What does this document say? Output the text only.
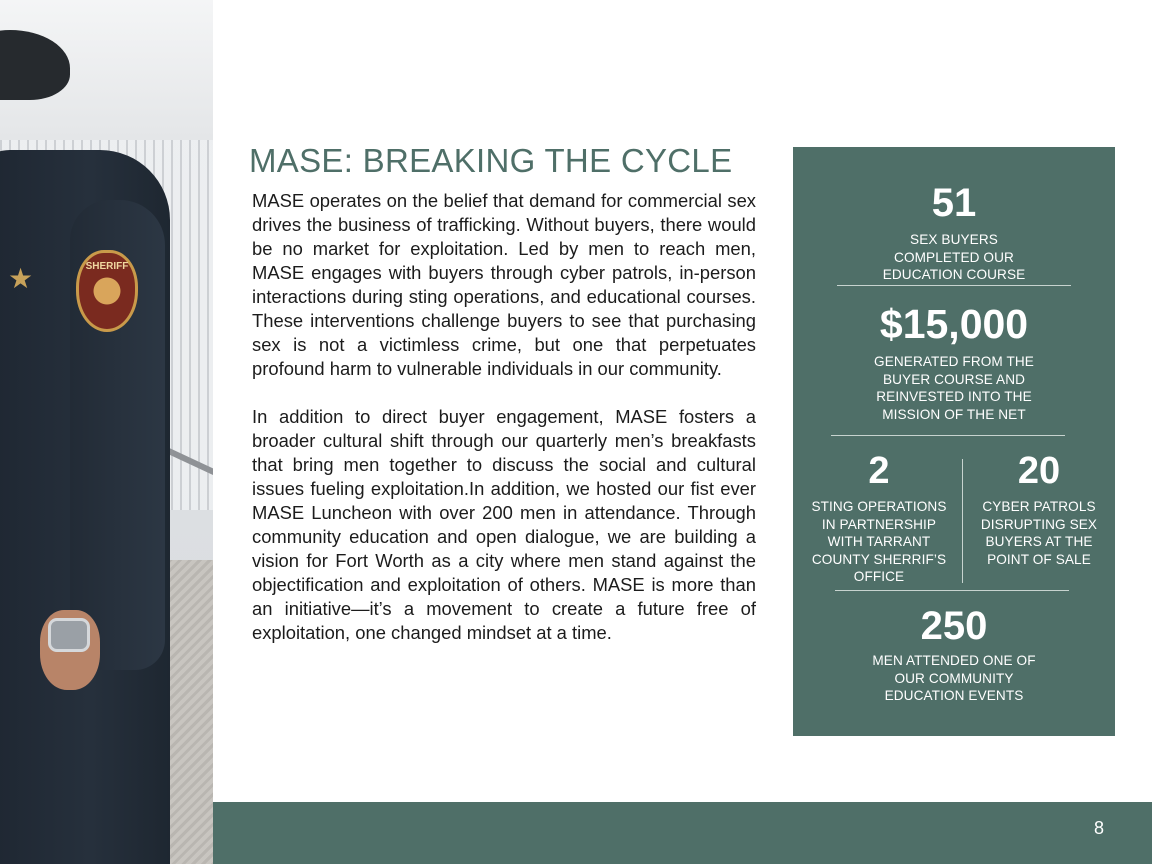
★	SHERIFF
MASE: BREAKING THE CYCLE

MASE operates on the belief that demand for commercial sex drives the business of trafficking. Without buyers, there would be no market for exploitation. Led by men to reach men, MASE engages with buyers through cyber patrols, in-person interactions during sting operations, and educational courses. These interventions challenge buyers to see that purchasing sex is not a victimless crime, but one that perpetuates profound harm to vulnerable individuals in our community.

In addition to direct buyer engagement, MASE fosters a broader cultural shift through our quarterly men’s breakfasts that bring men together to discuss the social and cultural issues fueling exploitation.In addition, we hosted our fist ever MASE Luncheon with over 200 men in attendance. Through community education and open dialogue, we are building a vision for Fort Worth as a city where men stand against the objectification and exploitation of others. MASE is more than an initiative—it’s a movement to create a future free of exploitation, one changed mindset at a time.

51
SEX BUYERS COMPLETED OUR EDUCATION COURSE
$15,000
GENERATED FROM THE BUYER COURSE AND REINVESTED INTO THE MISSION OF THE NET
2
STING OPERATIONS IN PARTNERSHIP WITH TARRANT COUNTY SHERRIF’S OFFICE
20
CYBER PATROLS DISRUPTING SEX BUYERS AT THE POINT OF SALE
250
MEN ATTENDED ONE OF OUR COMMUNITY EDUCATION EVENTS
8
